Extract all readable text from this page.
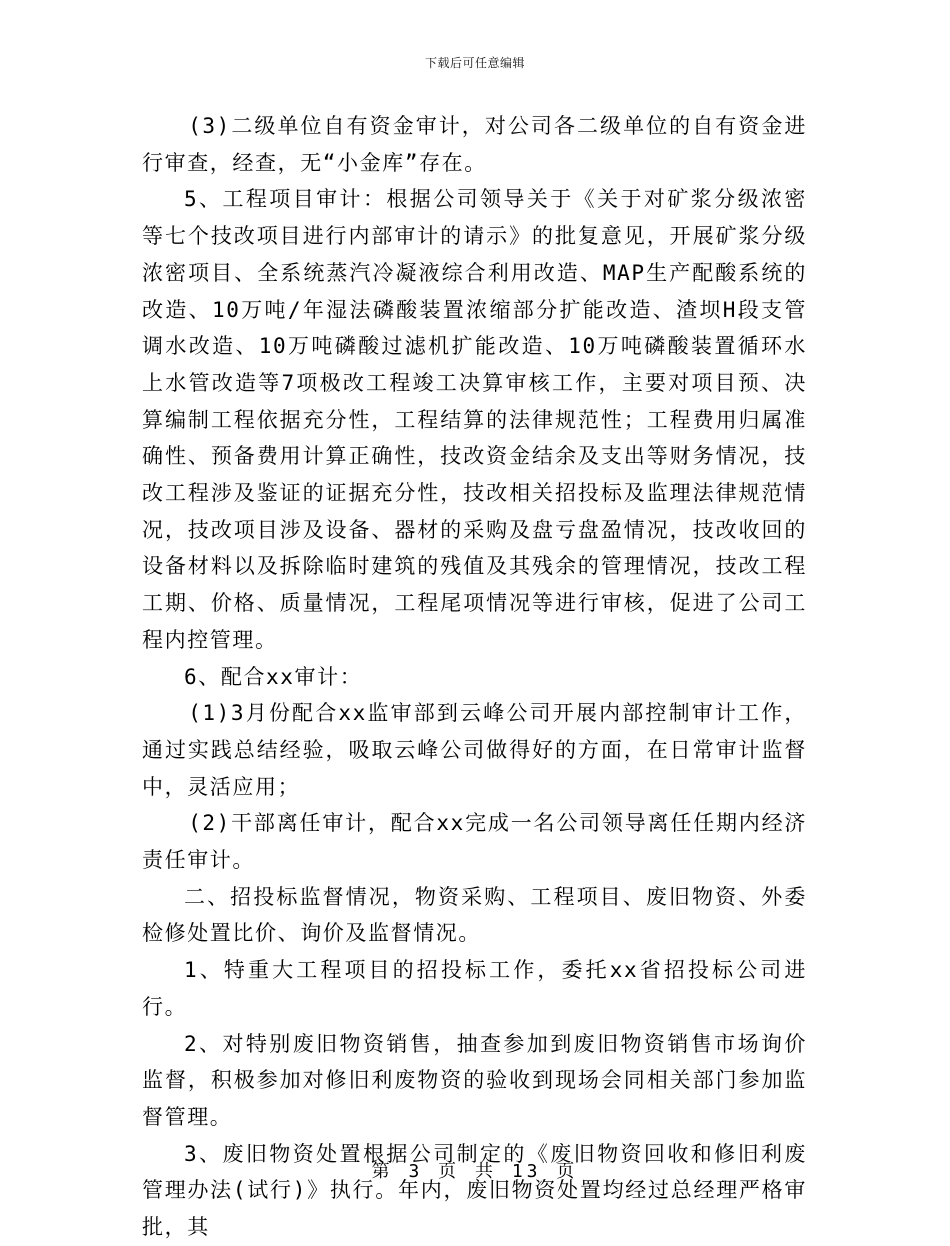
下载后可任意编辑

(3)二级单位自有资金审计，对公司各二级单位的自有资金进行审查，经查，无“小金库”存在。

5、工程项目审计：根据公司领导关于《关于对矿浆分级浓密等七个技改项目进行内部审计的请示》的批复意见，开展矿浆分级浓密项目、全系统蒸汽冷凝液综合利用改造、MAP生产配酸系统的改造、10万吨/年湿法磷酸装置浓缩部分扩能改造、渣坝H段支管调水改造、10万吨磷酸过滤机扩能改造、10万吨磷酸装置循环水上水管改造等7项极改工程竣工决算审核工作，主要对项目预、决算编制工程依据充分性，工程结算的法律规范性；工程费用归属准确性、预备费用计算正确性，技改资金结余及支出等财务情况，技改工程涉及鉴证的证据充分性，技改相关招投标及监理法律规范情况，技改项目涉及设备、器材的采购及盘亏盘盈情况，技改收回的设备材料以及拆除临时建筑的残值及其残余的管理情况，技改工程工期、价格、质量情况，工程尾项情况等进行审核，促进了公司工程内控管理。

6、配合xx审计：

(1)3月份配合xx监审部到云峰公司开展内部控制审计工作，通过实践总结经验，吸取云峰公司做得好的方面，在日常审计监督中，灵活应用；

(2)干部离任审计，配合xx完成一名公司领导离任任期内经济责任审计。

二、招投标监督情况，物资采购、工程项目、废旧物资、外委检修处置比价、询价及监督情况。

1、特重大工程项目的招投标工作，委托xx省招投标公司进行。

2、对特别废旧物资销售，抽查参加到废旧物资销售市场询价监督，积极参加对修旧利废物资的验收到现场会同相关部门参加监督管理。

3、废旧物资处置根据公司制定的《废旧物资回收和修旧利废管理办法(试行)》执行。年内，废旧物资处置均经过总经理严格审批，其

第 3 页 共 13 页
